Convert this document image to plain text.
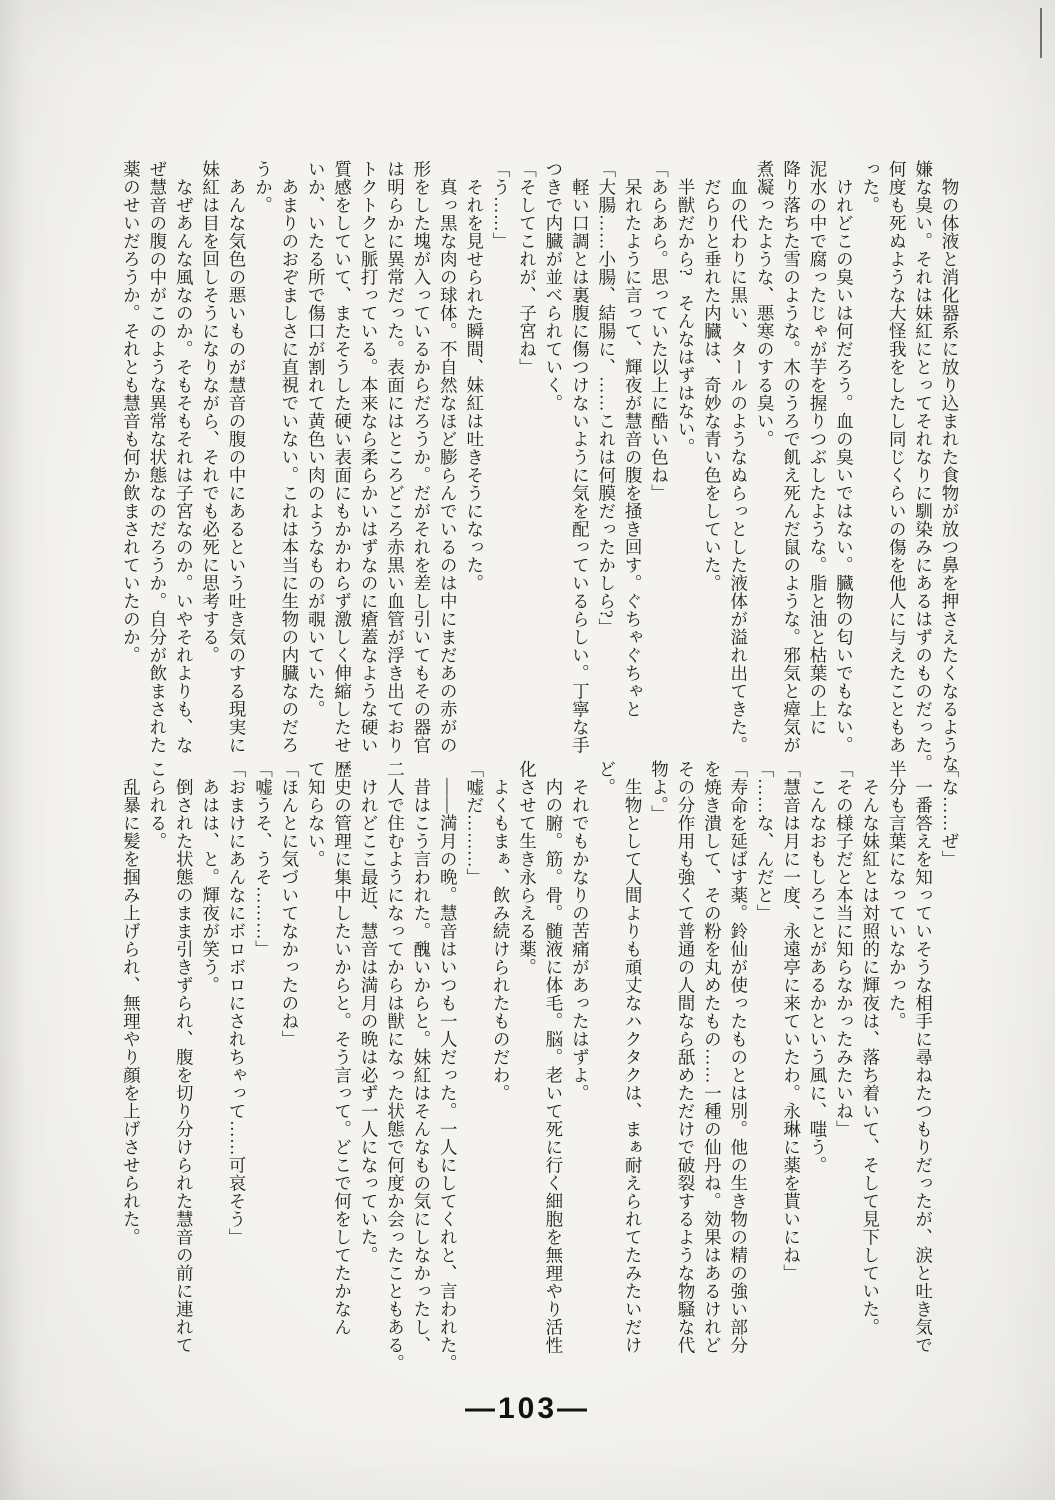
物の体液と消化器系に放り込まれた食物が放つ鼻を押さえたくなるような
嫌な臭い。それは妹紅にとってそれなりに馴染みにあるはずのものだった。
何度も死ぬような大怪我をしたし同じくらいの傷を他人に与えたこともあ
った。
けれどこの臭いは何だろう。血の臭いではない。臓物の匂いでもない。
泥水の中で腐ったじゃが芋を握りつぶしたような。脂と油と枯葉の上に
降り落ちた雪のような。木のうろで飢え死んだ鼠のような。邪気と瘴気が
煮凝ったような、悪寒のする臭い。
血の代わりに黒い、タールのようなぬらっとした液体が溢れ出てきた。
だらりと垂れた内臓は、奇妙な青い色をしていた。
半獣だから?　そんなはずはない。
「あらあら。思っていた以上に酷い色ね」
呆れたように言って、輝夜が慧音の腹を掻き回す。ぐちゃぐちゃと
「大腸……小腸、結腸に、……これは何膜だったかしら?」
軽い口調とは裏腹に傷つけないように気を配っているらしい。丁寧な手
つきで内臓が並べられていく。
「そしてこれが、子宮ね」
「う……」
それを見せられた瞬間、妹紅は吐きそうになった。
真っ黒な肉の球体。不自然なほど膨らんでいるのは中にまだあの赤がの
形をした塊が入っているからだろうか。だがそれを差し引いてもその器官
は明らかに異常だった。表面にはところどころ赤黒い血管が浮き出ており
トクトクと脈打っている。本来なら柔らかいはずなのに瘡蓋なような硬い
質感をしていて、またそうした硬い表面にもかかわらず激しく伸縮したせ
いか、いたる所で傷口が割れて黄色い肉のようなものが覗いていた。
あまりのおぞましさに直視でいない。これは本当に生物の内臓なのだろ
うか。
あんな気色の悪いものが慧音の腹の中にあるという吐き気のする現実に
妹紅は目を回しそうになりながら、それでも必死に思考する。
なぜあんな風なのか。そもそもそれは子宮なのか。いやそれよりも、な
ぜ慧音の腹の中がこのような異常な状態なのだろうか。自分が飲まされた
薬のせいだろうか。それとも慧音も何か飲まされていたのか。
「な……ぜ」
一番答えを知っていそうな相手に尋ねたつもりだったが、涙と吐き気で
半分も言葉になっていなかった。
そんな妹紅とは対照的に輝夜は、落ち着いて、そして見下していた。
「その様子だと本当に知らなかったみたいね」
こんなおもしろことがあるかという風に、嗤う。
「慧音は月に一度、永遠亭に来ていたわ。永琳に薬を貰いにね」
「……な、んだと」
「寿命を延ばす薬。鈴仙が使ったものとは別。他の生き物の精の強い部分
を焼き潰して、その粉を丸めたもの……一種の仙丹ね。効果はあるけれど
その分作用も強くて普通の人間なら舐めただけで破裂するような物騒な代
物よ。」
生物として人間よりも頑丈なハクタクは、まぁ耐えられてたみたいだけ
ど。
それでもかなりの苦痛があったはずよ。
内の腑。筋。骨。髄液に体毛。脳。老いて死に行く細胞を無理やり活性
化させて生き永らえる薬。
よくもまぁ、飲み続けられたものだわ。
「嘘だ………」
――満月の晩。慧音はいつも一人だった。一人にしてくれと、言われた。
昔はこう言われた。醜いからと。妹紅はそんなもの気にしなかったし、
二人で住むようになってからは獣になった状態で何度か会ったこともある。
けれどここ最近、慧音は満月の晩は必ず一人になっていた。
歴史の管理に集中したいからと。そう言って。どこで何をしてたかなん
て知らない。
「ほんとに気づいてなかったのね」
「嘘うそ、うそ………」
「おまけにあんなにボロボロにされちゃって……可哀そう」
あはは、と。輝夜が笑う。
倒された状態のまま引きずられ、腹を切り分けられた慧音の前に連れて
こられる。
乱暴に髪を掴み上げられ、無理やり顔を上げさせられた。
―103―
